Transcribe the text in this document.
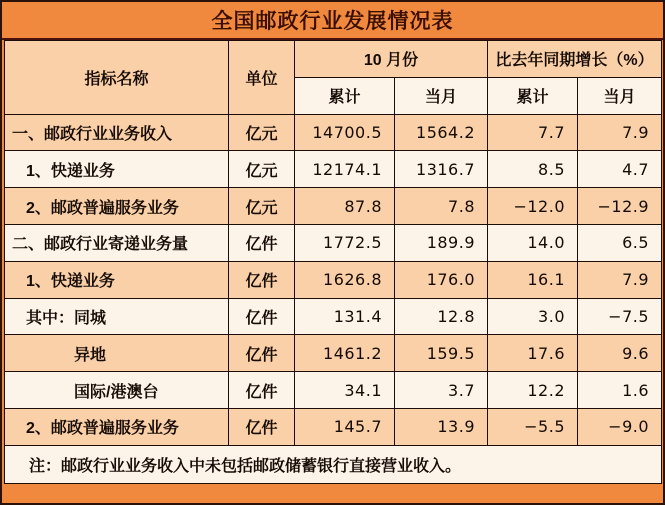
全国邮政行业发展情况表
指标名称	单位	10 月份		比去年同期增长（%）	
		累计	当月	累计	当月
一、邮政行业业务收入	亿元	14700.5	1564.2	7.7	7.9
1、快递业务	亿元	12174.1	1316.7	8.5	4.7
2、邮政普遍服务业务	亿元	87.8	7.8	−12.0	−12.9
二、邮政行业寄递业务量	亿件	1772.5	189.9	14.0	6.5
1、快递业务	亿件	1626.8	176.0	16.1	7.9
其中：同城	亿件	131.4	12.8	3.0	−7.5
异地	亿件	1461.2	159.5	17.6	9.6
国际/港澳台	亿件	34.1	3.7	12.2	1.6
2、邮政普遍服务业务	亿件	145.7	13.9	−5.5	−9.0
注：邮政行业业务收入中未包括邮政储蓄银行直接营业收入。					
